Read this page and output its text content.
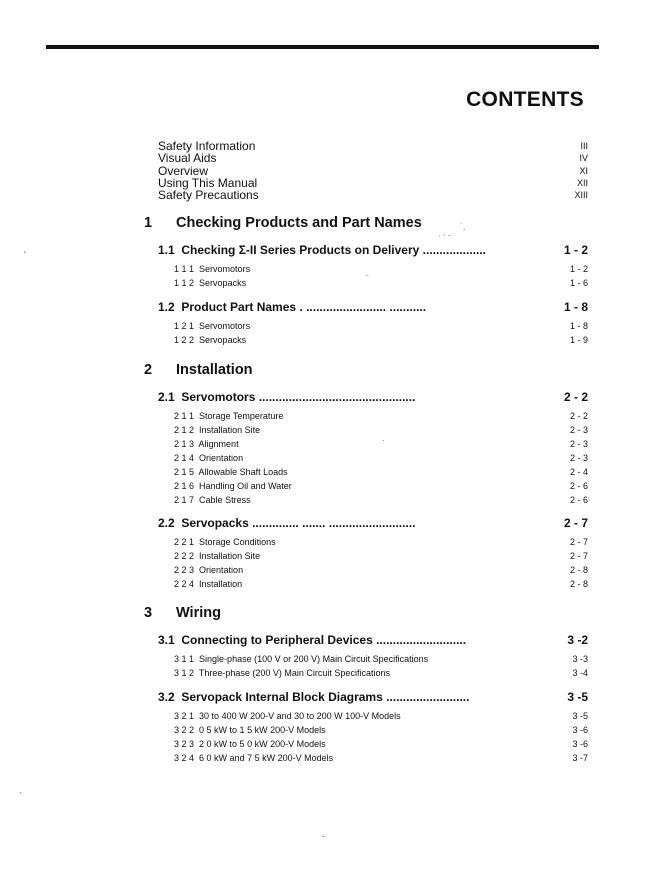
CONTENTS
Safety Information	III
Visual Aids	IV
Overview	XI
Using This Manual	XII
Safety Precautions	XIII
1	Checking Products and Part Names
1.1 Checking Σ-II Series Products on Delivery ...................	1 - 2
1 1 1 Servomotors	1 - 2
1 1 2 Servopacks	1 - 6
1.2 Product Part Names . ........................ ...........	1 - 8
1 2 1 Servomotors	1 - 8
1 2 2 Servopacks	1 - 9
2	Installation
2.1 Servomotors ...............................................	2 - 2
2 1 1 Storage Temperature	2 - 2
2 1 2 Installation Site	2 - 3
2 1 3 Alignment	2 - 3
2 1 4 Orientation	2 - 3
2 1 5 Allowable Shaft Loads	2 - 4
2 1 6 Handling Oil and Water	2 - 6
2 1 7 Cable Stress	2 - 6
2.2 Servopacks .............. ....... ..........................	2 - 7
2 2 1 Storage Conditions	2 - 7
2 2 2 Installation Site	2 - 7
2 2 3 Orientation	2 - 8
2 2 4 Installation	2 - 8
3	Wiring
3.1 Connecting to Peripheral Devices ...........................	3 -2
3 1 1 Single-phase (100 V or 200 V) Main Circuit Specifications	3 -3
3 1 2 Three-phase (200 V) Main Circuit Specifications	3 -4
3.2 Servopack Internal Block Diagrams .........................	3 -5
3 2 1 30 to 400 W 200-V and 30 to 200 W 100-V Models	3 -5
3 2 2 0 5 kW to 1 5 kW 200-V Models	3 -6
3 2 3 2 0 kW to 5 0 kW 200-V Models	3 -6
3 2 4 6 0 kW and 7 5 kW 200-V Models	3 -7
˛
,
ˇ
·
ˉ
˙ˏ
ˈ ˊ ˉ
